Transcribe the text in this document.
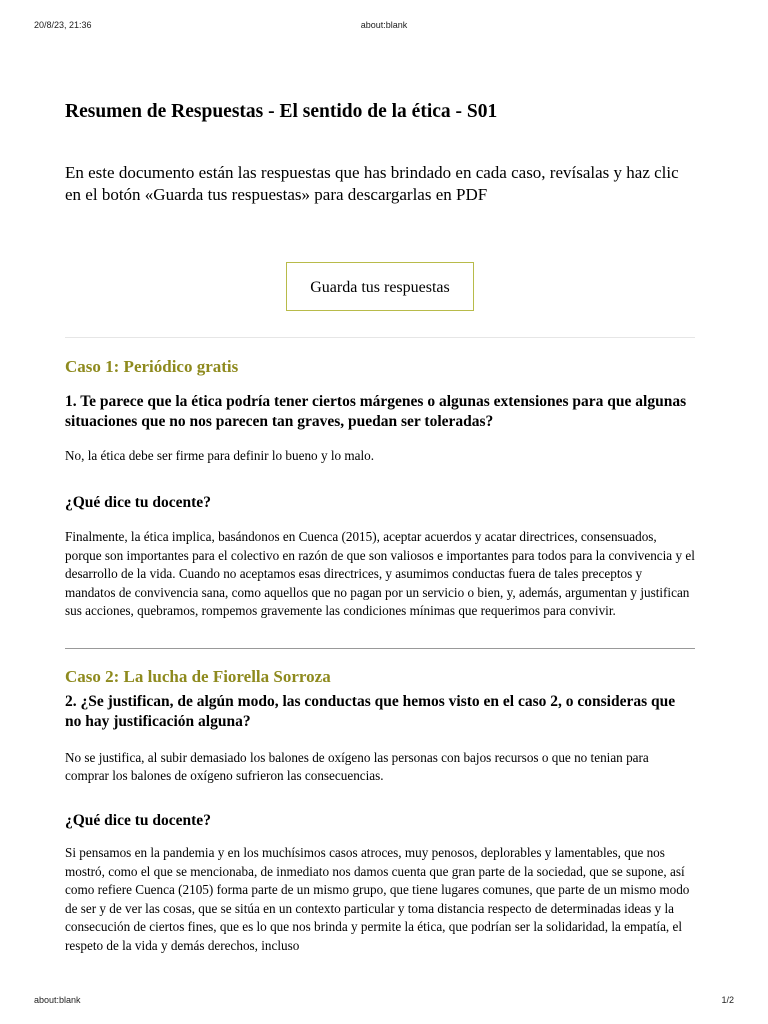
20/8/23, 21:36	about:blank
Resumen de Respuestas - El sentido de la ética - S01

En este documento están las respuestas que has brindado en cada caso, revísalas y haz clic en el botón «Guarda tus respuestas» para descargarlas en PDF

Guarda tus respuestas
Caso 1: Periódico gratis

1. Te parece que la ética podría tener ciertos márgenes o algunas extensiones para que algunas situaciones que no nos parecen tan graves, puedan ser toleradas?

No, la ética debe ser firme para definir lo bueno y lo malo.

¿Qué dice tu docente?

Finalmente, la ética implica, basándonos en Cuenca (2015), aceptar acuerdos y acatar directrices, consensuados, porque son importantes para el colectivo en razón de que son valiosos e importantes para todos para la convivencia y el desarrollo de la vida. Cuando no aceptamos esas directrices, y asumimos conductas fuera de tales preceptos y mandatos de convivencia sana, como aquellos que no pagan por un servicio o bien, y, además, argumentan y justifican sus acciones, quebramos, rompemos gravemente las condiciones mínimas que requerimos para convivir.

Caso 2: La lucha de Fiorella Sorroza

2. ¿Se justifican, de algún modo, las conductas que hemos visto en el caso 2, o consideras que no hay justificación alguna?

No se justifica, al subir demasiado los balones de oxígeno las personas con bajos recursos o que no tenian para comprar los balones de oxígeno sufrieron las consecuencias.

¿Qué dice tu docente?

Si pensamos en la pandemia y en los muchísimos casos atroces, muy penosos, deplorables y lamentables, que nos mostró, como el que se mencionaba, de inmediato nos damos cuenta que gran parte de la sociedad, que se supone, así como refiere Cuenca (2105) forma parte de un mismo grupo, que tiene lugares comunes, que parte de un mismo modo de ser y de ver las cosas, que se sitúa en un contexto particular y toma distancia respecto de determinadas ideas y la consecución de ciertos fines, que es lo que nos brinda y permite la ética, que podrían ser la solidaridad, la empatía, el respeto de la vida y demás derechos, incluso

about:blank	1/2
